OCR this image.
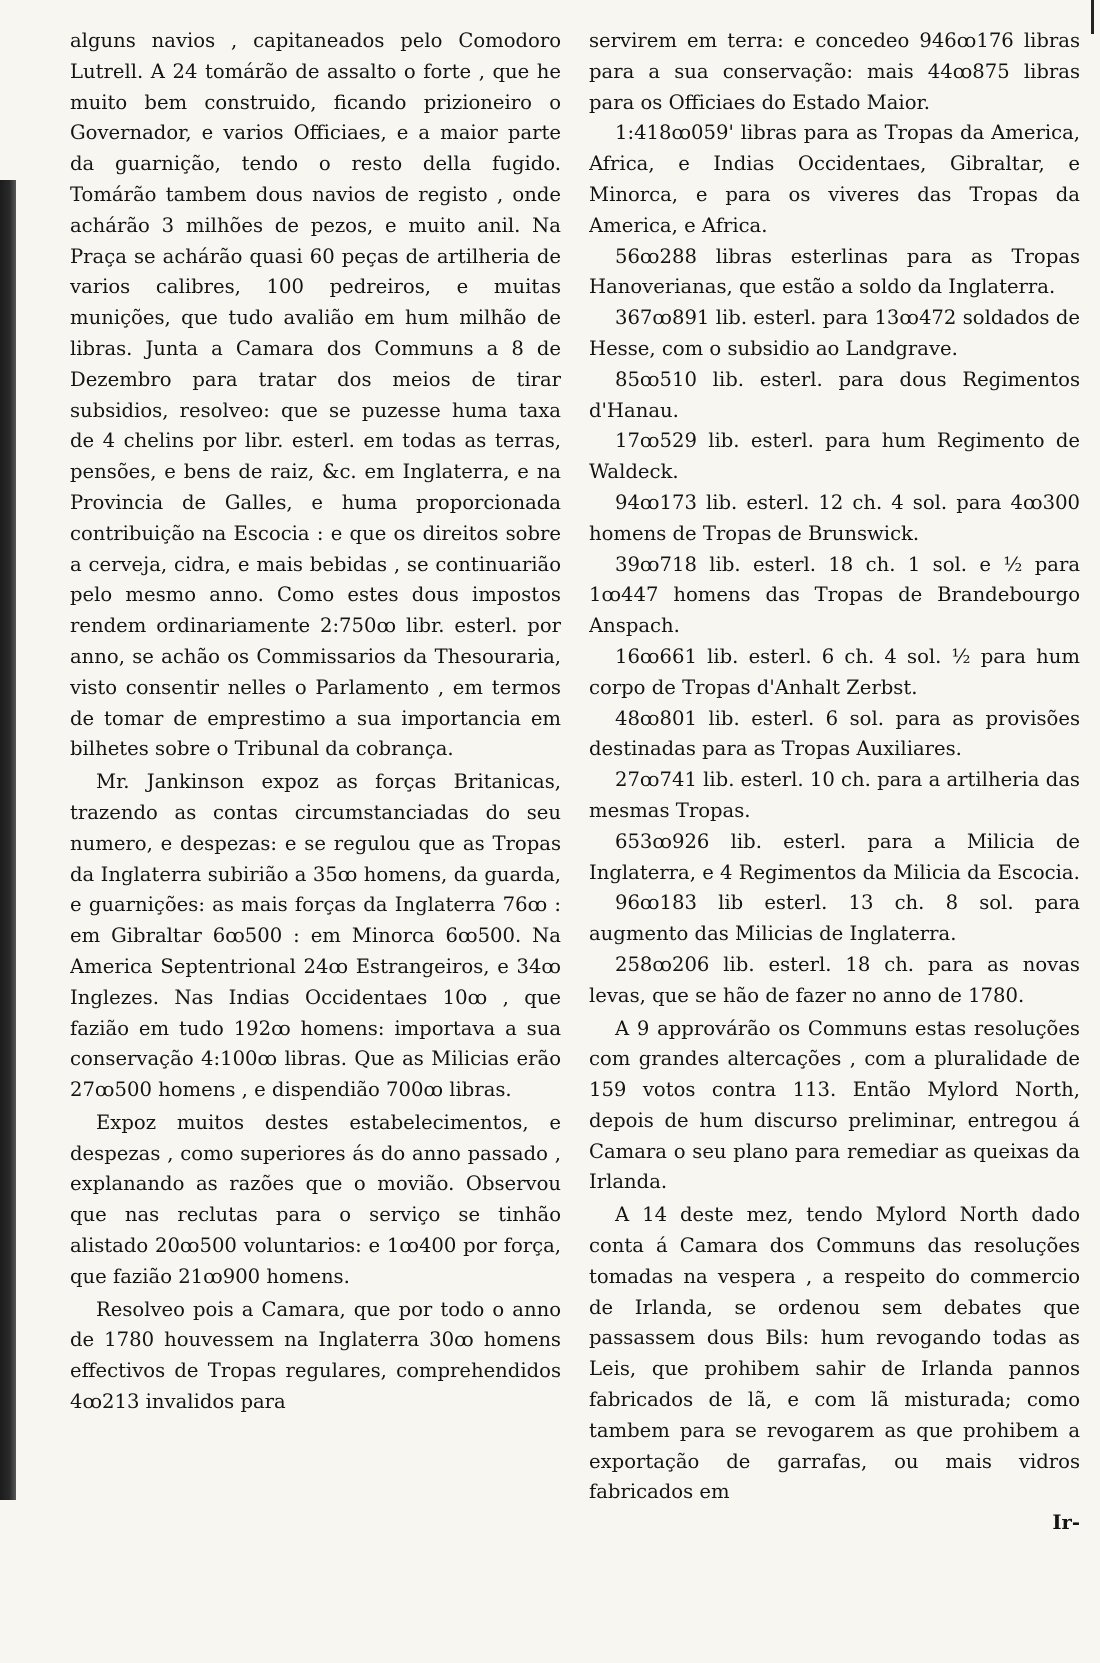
alguns navios , capitaneados pelo Comodoro Lutrell. A 24 tomárão de assalto o forte , que he muito bem construido, ficando prizioneiro o Governador, e varios Officiaes, e a maior parte da guarnição, tendo o resto della fugido. Tomárão tambem dous navios de registo , onde achárão 3 milhões de pezos, e muito anil. Na Praça se achárão quasi 60 peças de artilheria de varios calibres, 100 pedreiros, e muitas munições, que tudo avalião em hum milhão de libras. Junta a Camara dos Communs a 8 de Dezembro para tratar dos meios de tirar subsidios, resolveo: que se puzesse huma taxa de 4 chelins por libr. esterl. em todas as terras, pensões, e bens de raiz, &c. em Inglaterra, e na Provincia de Galles, e huma proporcionada contribuição na Escocia : e que os direitos sobre a cerveja, cidra, e mais bebidas , se continuarião pelo mesmo anno. Como estes dous impostos rendem ordinariamente 2:750ꝏ libr. esterl. por anno, se achão os Commissarios da Thesouraria, visto consentir nelles o Parlamento , em termos de tomar de emprestimo a sua importancia em bilhetes sobre o Tribunal da cobrança.

Mr. Jankinson expoz as forças Britanicas, trazendo as contas circumstanciadas do seu numero, e despezas: e se regulou que as Tropas da Inglaterra subirião a 35ꝏ homens, da guarda, e guarnições: as mais forças da Inglaterra 76ꝏ : em Gibraltar 6ꝏ500 : em Minorca 6ꝏ500. Na America Septentrional 24ꝏ Estrangeiros, e 34ꝏ Inglezes. Nas Indias Occidentaes 10ꝏ , que fazião em tudo 192ꝏ homens: importava a sua conservação 4:100ꝏ libras. Que as Milicias erão 27ꝏ500 homens , e dispendião 700ꝏ libras.

Expoz muitos destes estabelecimentos, e despezas , como superiores ás do anno passado , explanando as razões que o movião. Observou que nas reclutas para o serviço se tinhão alistado 20ꝏ500 voluntarios: e 1ꝏ400 por força, que fazião 21ꝏ900 homens.

Resolveo pois a Camara, que por todo o anno de 1780 houvessem na Inglaterra 30ꝏ homens effectivos de Tropas regulares, comprehendidos 4ꝏ213 invalidos para

servirem em terra: e concedeo 946ꝏ176 libras para a sua conservação: mais 44ꝏ875 libras para os Officiaes do Estado Maior.

1:418ꝏ059' libras para as Tropas da America, Africa, e Indias Occidentaes, Gibraltar, e Minorca, e para os viveres das Tropas da America, e Africa.

56ꝏ288 libras esterlinas para as Tropas Hanoverianas, que estão a soldo da Inglaterra.

367ꝏ891 lib. esterl. para 13ꝏ472 soldados de Hesse, com o subsidio ao Landgrave.

85ꝏ510 lib. esterl. para dous Regimentos d'Hanau.

17ꝏ529 lib. esterl. para hum Regimento de Waldeck.

94ꝏ173 lib. esterl. 12 ch. 4 sol. para 4ꝏ300 homens de Tropas de Brunswick.

39ꝏ718 lib. esterl. 18 ch. 1 sol. e ½ para 1ꝏ447 homens das Tropas de Brandebourgo Anspach.

16ꝏ661 lib. esterl. 6 ch. 4 sol. ½ para hum corpo de Tropas d'Anhalt Zerbst.

48ꝏ801 lib. esterl. 6 sol. para as provisões destinadas para as Tropas Auxiliares.

27ꝏ741 lib. esterl. 10 ch. para a artilheria das mesmas Tropas.

653ꝏ926 lib. esterl. para a Milicia de Inglaterra, e 4 Regimentos da Milicia da Escocia.

96ꝏ183 lib esterl. 13 ch. 8 sol. para augmento das Milicias de Inglaterra.

258ꝏ206 lib. esterl. 18 ch. para as novas levas, que se hão de fazer no anno de 1780.

A 9 approvárão os Communs estas resoluções com grandes altercações , com a pluralidade de 159 votos contra 113. Então Mylord North, depois de hum discurso preliminar, entregou á Camara o seu plano para remediar as queixas da Irlanda.

A 14 deste mez, tendo Mylord North dado conta á Camara dos Communs das resoluções tomadas na vespera , a respeito do commercio de Irlanda, se ordenou sem debates que passassem dous Bils: hum revogando todas as Leis, que prohibem sahir de Irlanda pannos fabricados de lã, e com lã misturada; como tambem para se revogarem as que prohibem a exportação de garrafas, ou mais vidros fabricados em

Ir-
